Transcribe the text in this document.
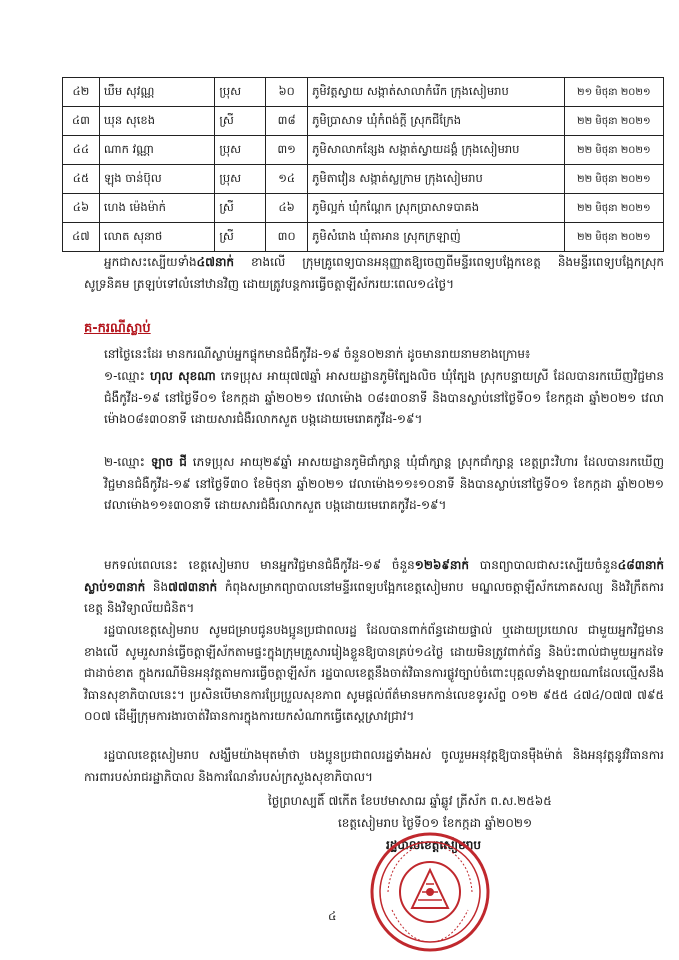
៤២	ឃឹម សុវណ្ណ	ប្រុស	៦០	ភូមិវត្តស្វាយ សង្កាត់សាលាកំរើក ក្រុងសៀមរាប	២១ មិថុនា ២០២១
៤៣	ឃុន សុខេង	ស្រី	៣៨	ភូមិប្រាសាទ ឃុំកំពង់ក្តី ស្រុកជីក្រែង	២២ មិថុនា ២០២១
៤៤	ណាក វណ្ណា	ប្រុស	៣១	ភូមិសាលាកន្សែង សង្កាត់ស្វាយដង្គំ ក្រុងសៀមរាប	២២ មិថុនា ២០២១
៤៥	ឡុង ចាន់ប៊ុល	ប្រុស	១៤	ភូមិតាវៀន សង្កាត់ស្លក្រាម ក្រុងសៀមរាប	២២ មិថុនា ២០២១
៤៦	ហេង ម៉េងម៉ាក់	ស្រី	៤៦	ភូមិល្អក់ ឃុំកណ្តែក ស្រុកប្រាសាទបាគង	២២ មិថុនា ២០២១
៤៧	លោត សុនាថ	ស្រី	៣០	ភូមិសំរោង ឃុំតាអាន ស្រុកក្រឡាញ់	២២ មិថុនា ២០២១
អ្នកជាសះស្បើយទាំង៤៧នាក់ ខាងលើ ក្រុមគ្រូពេទ្យបានអនុញ្ញាតឱ្យចេញពីមន្ទីរពេទ្យបង្អែកខេត្ត និងមន្ទីរពេទ្យបង្អែកស្រុកសូទ្រនិគម ត្រឡប់ទៅលំនៅឋានវិញ ដោយត្រូវបន្តការធ្វើចត្តាឡីស័ករយៈពេល១៤ថ្ងៃ។
គ-ករណីស្លាប់
នៅថ្ងៃនេះដែរ មានករណីស្លាប់អ្នកផ្ទុកមានជំងឺកូវីដ-១៩ ចំនួន០២នាក់ ដូចមានរាយនាមខាងក្រោម៖
១-ឈ្មោះ ហុល សុខណា ភេទប្រុស អាយុ៧៧ឆ្នាំ អាសយដ្ឋានភូមិត្បែងលិច ឃុំត្បែង ស្រុកបន្ទាយស្រី ដែលបានរកឃើញវិជ្ជមានជំងឺកូវីដ-១៩ នៅថ្ងៃទី០១ ខែកក្កដា ឆ្នាំ២០២១ វេលាម៉ោង ០៨៖៣០នាទី និងបានស្លាប់នៅថ្ងៃទី០១ ខែកក្កដា ឆ្នាំ២០២១ វេលាម៉ោង០៨៖៣០នាទី ដោយសារជំងឺរលាកសួត បង្កដោយមេរោគកូវីដ-១៩។
២-ឈ្មោះ ឡាច ជី ភេទប្រុស អាយុ២៩ឆ្នាំ អាសយដ្ឋានភូមិជាំក្សាន្ត ឃុំជាំក្សាន្ត ស្រុកជាំក្សាន្ត ខេត្តព្រះវិហារ ដែលបានរកឃើញវិជ្ជមានជំងឺកូវីដ-១៩ នៅថ្ងៃទី៣០ ខែមិថុនា ឆ្នាំ២០២១ វេលាម៉ោង១១៖១០នាទី និងបានស្លាប់នៅថ្ងៃទី០១ ខែកក្កដា ឆ្នាំ២០២១ វេលាម៉ោង១១៖៣០នាទី ដោយសារជំងឺរលាកសួត បង្កដោយមេរោគកូវីដ-១៩។
មកទល់ពេលនេះ ខេត្តសៀមរាប មានអ្នកវិជ្ជមានជំងឺកូវីដ-១៩ ចំនួន១២៦៩នាក់ បានព្យាបាលជាសះស្បើយចំនួន៤៨៣នាក់ ស្លាប់១៣នាក់ និង៧៧៣នាក់ កំពុងសម្រាកព្យាបាលនៅមន្ទីរពេទ្យបង្អែកខេត្តសៀមរាប មណ្ឌលចត្តាឡីស័កភោគសល្យ និងវិក្រឹតការខេត្ត និងវិទ្យាល័យជំនិត។
រដ្ឋបាលខេត្តសៀមរាប សូមជម្រាបជូនបងប្អូនប្រជាពលរដ្ឋ ដែលបានពាក់ព័ន្ធដោយផ្ទាល់ ឬដោយប្រយោល ជាមួយអ្នកវិជ្ជមានខាងលើ សូមរួសរាន់ធ្វើចត្តាឡីស័កតាមផ្ទះក្នុងក្រុមគ្រួសាររៀងខ្លួនឱ្យបានគ្រប់១៤ថ្ងៃ ដោយមិនត្រូវពាក់ព័ន្ធ និងប៉ះពាល់ជាមួយអ្នកដទៃជាដាច់ខាត ក្នុងករណីមិនអនុវត្តតាមការធ្វើចត្តាឡីស័ក រដ្ឋបាលខេត្តនឹងចាត់វិធានការផ្លូវច្បាប់ចំពោះបុគ្គលទាំងឡាយណាដែលល្មើសនឹងវិធានសុខាភិបាលនេះ។ ប្រសិនបើមានការប្រែប្រួលសុខភាព សូមផ្តល់ព័ត៌មានមកកាន់លេខទូរស័ព្ទ ០១២ ៩៥៥ ៤៧៤/០៧៧ ៧៩៥ ០០៧ ដើម្បីក្រុមការងារចាត់វិធានការក្នុងការយកសំណាកធ្វើតេស្តស្រាវជ្រាវ។
រដ្ឋបាលខេត្តសៀមរាប សង្ឃឹមយ៉ាងមុតមាំថា បងប្អូនប្រជាពលរដ្ឋទាំងអស់ ចូលរួមអនុវត្តឱ្យបានម៉ឺងម៉ាត់ និងអនុវត្តនូវវិធានការការពារបស់រាជរដ្ឋាភិបាល និងការណែនាំរបស់ក្រសួងសុខាភិបាល។
ថ្ងៃព្រហស្បតិ៍ ៧កើត ខែបឋមាសាឍ ឆ្នាំឆ្លូវ ត្រីស័ក ព.ស.២៥៦៥
ខេត្តសៀមរាប ថ្ងៃទី០១ ខែកក្កដា ឆ្នាំ២០២១
រដ្ឋបាលខេត្តសៀមរាប
៤
